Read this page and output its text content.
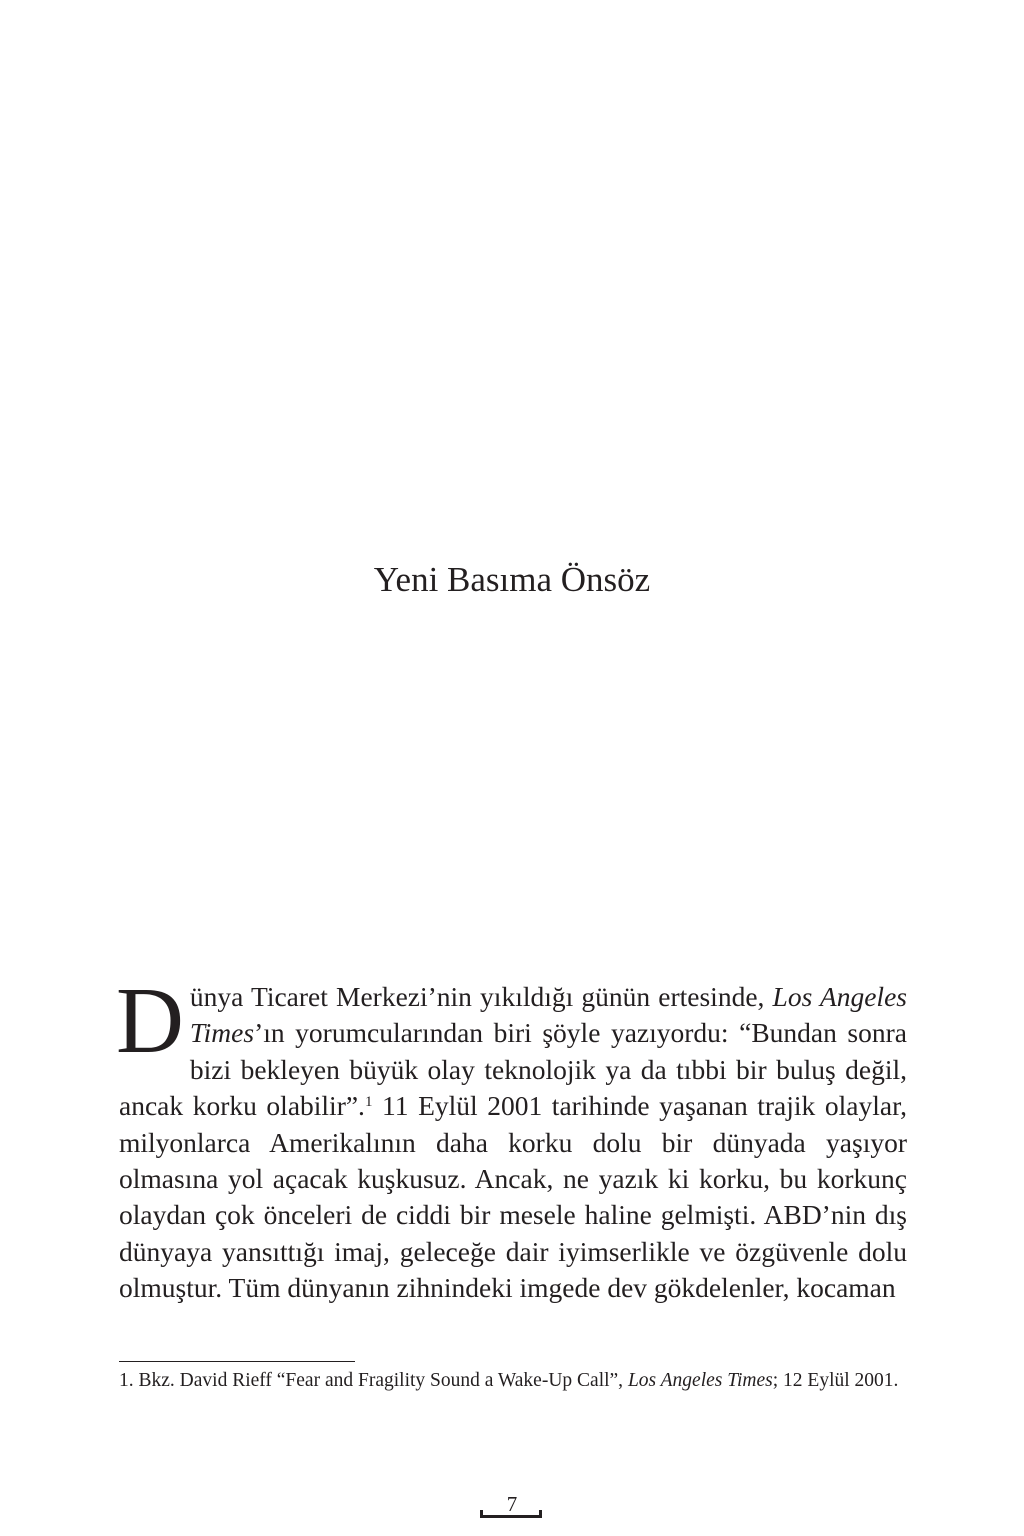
Yeni Basıma Önsöz

Dünya Ticaret Merkezi’nin yıkıldığı günün ertesinde, Los Angeles Times’ın yorumcularından biri şöyle yazıyordu: “Bundan sonra bizi bekleyen büyük olay teknolojik ya da tıbbi bir buluş değil, ancak korku olabilir”.$^1$ 11 Eylül 2001 tarihinde yaşanan trajik olaylar, milyonlarca Amerikalının daha korku dolu bir dünyada yaşıyor olmasına yol açacak kuşkusuz. Ancak, ne yazık ki korku, bu korkunç olaydan çok önceleri de ciddi bir mesele haline gelmişti. ABD’nin dış dünyaya yansıttığı imaj, geleceğe dair iyimserlikle ve özgüvenle dolu olmuştur. Tüm dünyanın zihnindeki imgede dev gökdelenler, kocaman

1. Bkz. David Rieff “Fear and Fragility Sound a Wake-Up Call”, Los Angeles Times; 12 Eylül 2001.

7
